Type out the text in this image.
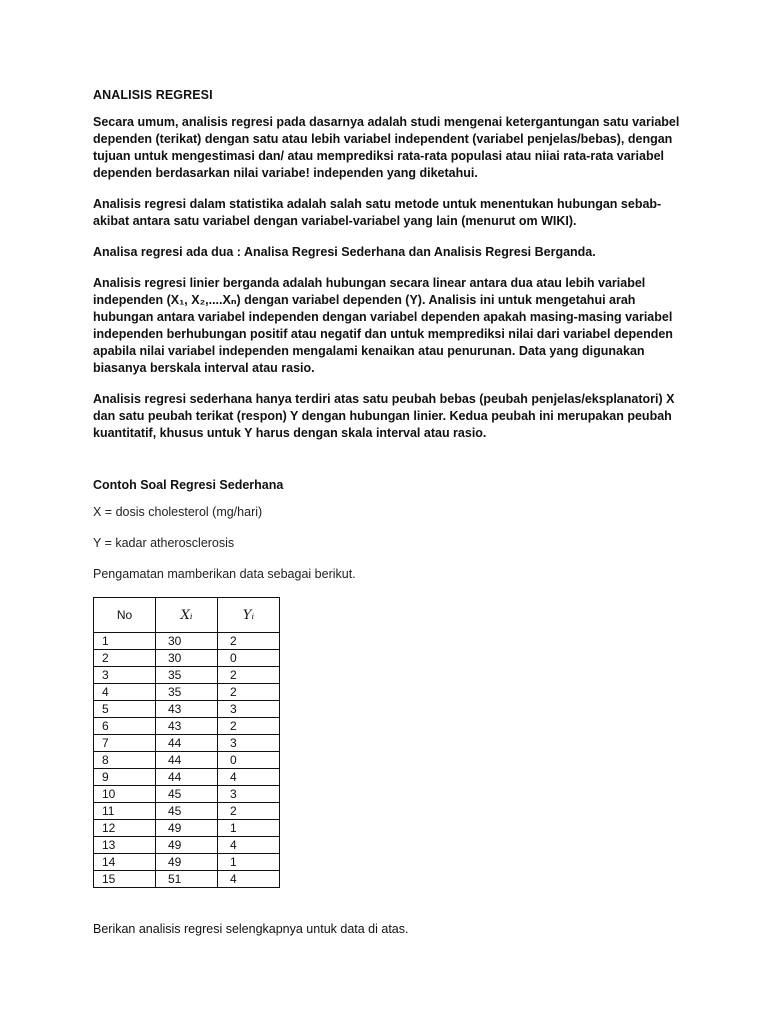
ANALISIS REGRESI

Secara umum, analisis regresi pada dasarnya adalah studi mengenai ketergantungan satu variabel dependen (terikat) dengan satu atau lebih variabel independent (variabel penjelas/bebas), dengan tujuan untuk mengestimasi dan/ atau memprediksi rata-rata populasi atau niiai rata-rata variabel dependen berdasarkan nilai variabe! independen yang diketahui.

Analisis regresi dalam statistika adalah salah satu metode untuk menentukan hubungan sebab-akibat antara satu variabel dengan variabel-variabel yang lain (menurut om WIKI).

Analisa regresi ada dua : Analisa Regresi Sederhana dan Analisis Regresi Berganda.

Analisis regresi linier berganda adalah hubungan secara linear antara dua atau lebih variabel independen (X₁, X₂,....Xₙ) dengan variabel dependen (Y). Analisis ini untuk mengetahui arah hubungan antara variabel independen dengan variabel dependen apakah masing-masing variabel independen berhubungan positif atau negatif dan untuk memprediksi nilai dari variabel dependen apabila nilai variabel independen mengalami kenaikan atau penurunan. Data yang digunakan biasanya berskala interval atau rasio.

Analisis regresi sederhana hanya terdiri atas satu peubah bebas (peubah penjelas/eksplanatori) X dan satu peubah terikat (respon) Y dengan hubungan linier. Kedua peubah ini merupakan peubah kuantitatif, khusus untuk Y harus dengan skala interval atau rasio.

Contoh Soal Regresi Sederhana

X = dosis cholesterol (mg/hari)

Y = kadar atherosclerosis

Pengamatan mamberikan data sebagai berikut.

No	Xᵢ	Yᵢ
1	30	2
2	30	0
3	35	2
4	35	2
5	43	3
6	43	2
7	44	3
8	44	0
9	44	4
10	45	3
11	45	2
12	49	1
13	49	4
14	49	1
15	51	4
Berikan analisis regresi selengkapnya untuk data di atas.
